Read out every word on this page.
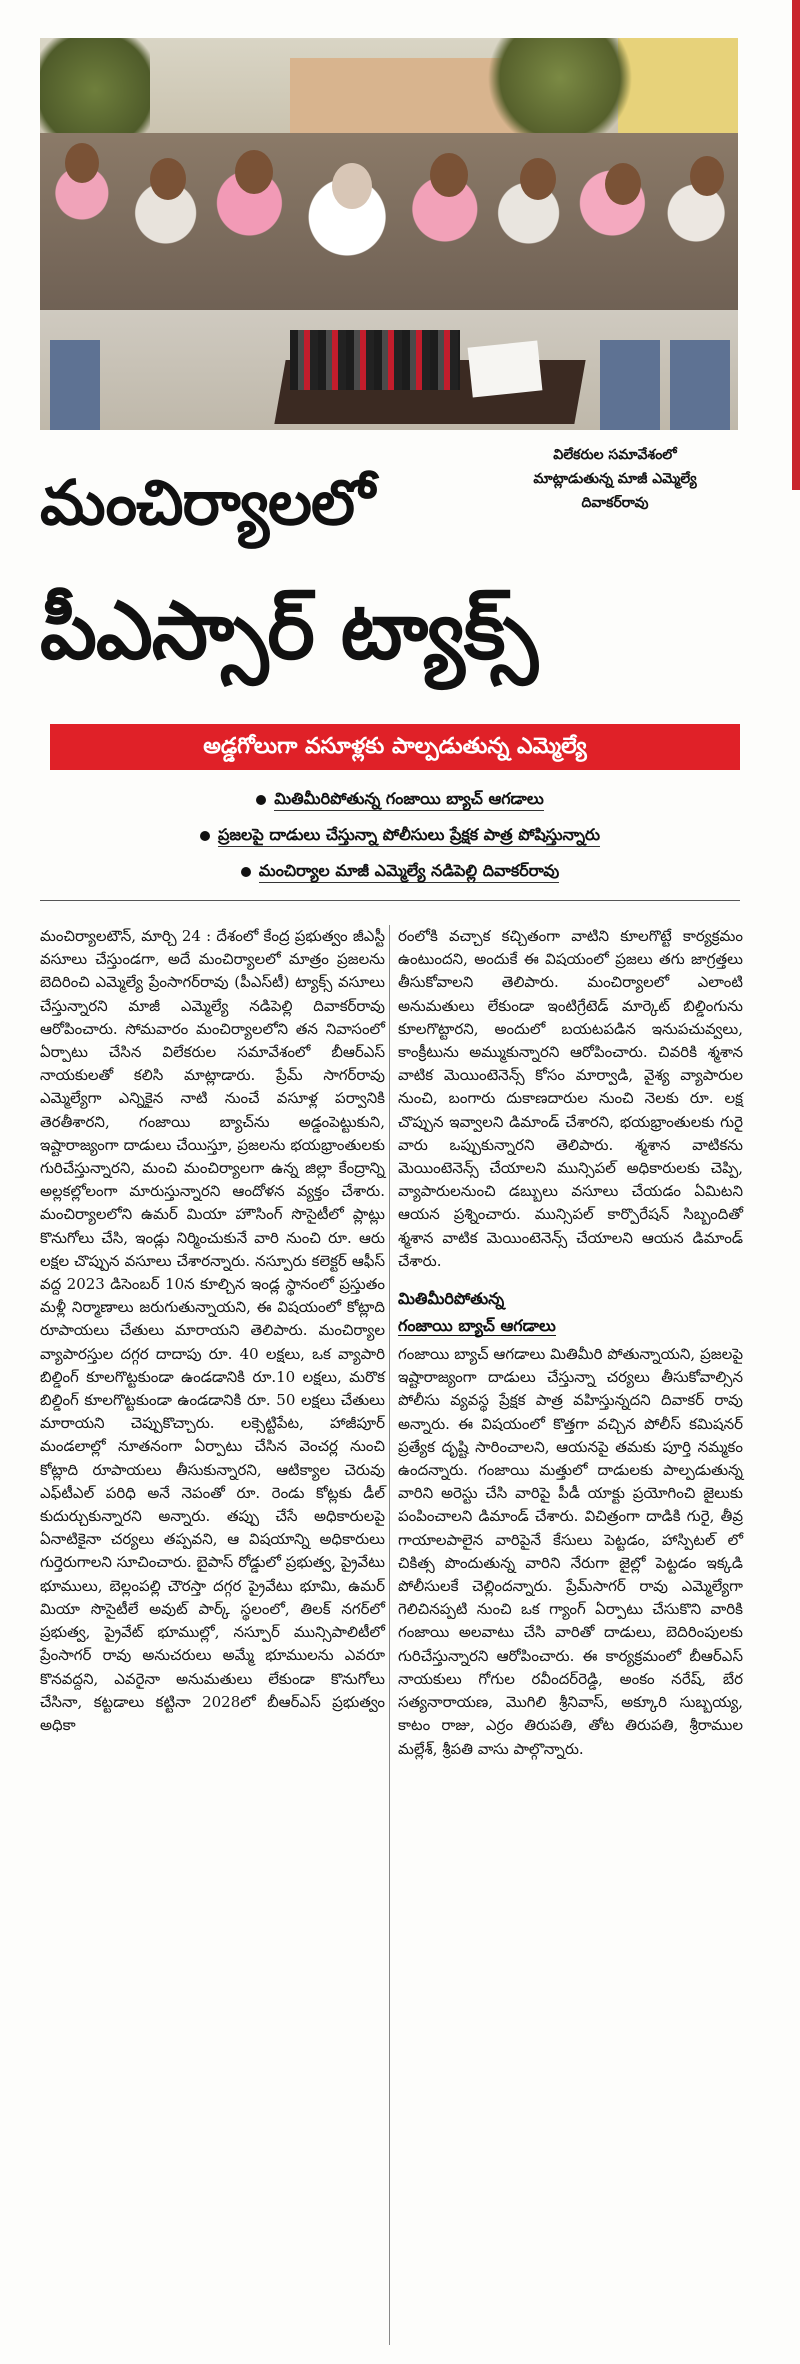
విలేకరుల సమావేశంలో
మాట్లాడుతున్న మాజీ ఎమ్మెల్యే
దివాకర్‌రావు
మంచిర్యాలలో
పీఎస్సార్ ట్యాక్స్
అడ్డగోలుగా వసూళ్లకు పాల్పడుతున్న ఎమ్మెల్యే
మితిమీరిపోతున్న గంజాయి బ్యాచ్ ఆగడాలు
ప్రజలపై దాడులు చేస్తున్నా పోలీసులు ప్రేక్షక పాత్ర పోషిస్తున్నారు
మంచిర్యాల మాజీ ఎమ్మెల్యే నడిపెల్లి దివాకర్‌రావు

మంచిర్యాలటౌన్, మార్చి 24 : దేశంలో కేంద్ర ప్రభుత్వం జీఎస్టీ వసూలు చేస్తుండగా, అదే మంచిర్యాలలో మాత్రం ప్రజలను బెదిరించి ఎమ్మెల్యే ప్రేంసాగర్‌రావు (పీఎస్‌టీ) ట్యాక్స్ వసూలు చేస్తున్నారని మాజీ ఎమ్మెల్యే నడిపెల్లి దివాకర్‌రావు ఆరోపించారు. సోమవారం మంచిర్యాలలోని తన నివాసంలో ఏర్పాటు చేసిన విలేకరుల సమావేశంలో బీఆర్‌ఎస్ నాయకులతో కలిసి మాట్లాడారు. ప్రేమ్ సాగర్‌రావు ఎమ్మెల్యేగా ఎన్నికైన నాటి నుంచే వసూళ్ల పర్వానికి తెరతీశారని, గంజాయి బ్యాచ్‌ను అడ్డంపెట్టుకుని, ఇష్టారాజ్యంగా దాడులు చేయిస్తూ, ప్రజలను భయభ్రాంతులకు గురిచేస్తున్నారని, మంచి మంచిర్యాలగా ఉన్న జిల్లా కేంద్రాన్ని అల్లకల్లోలంగా మారుస్తున్నారని ఆందోళన వ్యక్తం చేశారు. మంచిర్యాలలోని ఉమర్ మియా హౌసింగ్ సొసైటీలో ప్లాట్లు కొనుగోలు చేసి, ఇండ్లు నిర్మించుకునే వారి నుంచి రూ. ఆరు లక్షల చొప్పున వసూలు చేశారన్నారు. నస్పూరు కలెక్టర్ ఆఫీస్ వద్ద 2023 డిసెంబర్ 10న కూల్చిన ఇండ్ల స్థానంలో ప్రస్తుతం మళ్లీ నిర్మాణాలు జరుగుతున్నాయని, ఈ విషయంలో కోట్లాది రూపాయలు చేతులు మారాయని తెలిపారు. మంచిర్యాల వ్యాపారస్తుల దగ్గర దాదాపు రూ. 40 లక్షలు, ఒక వ్యాపారి బిల్డింగ్ కూలగొట్టకుండా ఉండడానికి రూ.10 లక్షలు, మరొక బిల్డింగ్ కూలగొట్టకుండా ఉండడానికి రూ. 50 లక్షలు చేతులు మారాయని చెప్పుకొచ్చారు. లక్సెట్టిపేట, హాజీపూర్ మండలాల్లో నూతనంగా ఏర్పాటు చేసిన వెంచర్ల నుంచి కోట్లాది రూపాయలు తీసుకున్నారని, ఆటిక్యాల చెరువు ఎఫ్‌టీఎల్ పరిధి అనే నెపంతో రూ. రెండు కోట్లకు డీల్ కుదుర్చుకున్నారని అన్నారు. తప్పు చేసే అధికారులపై ఏనాటికైనా చర్యలు తప్పవని, ఆ విషయాన్ని అధికారులు గుర్తెరుగాలని సూచించారు. బైపాస్ రోడ్డులో ప్రభుత్వ, ప్రైవేటు భూములు, బెల్లంపల్లి చౌరస్తా దగ్గర ప్రైవేటు భూమి, ఉమర్ మియా సొసైటీలే అవుట్ పార్క్ స్థలంలో, తిలక్ నగర్‌లో ప్రభుత్వ, ప్రైవేట్ భూముల్లో, నస్పూర్ మున్సిపాలిటీలో ప్రేంసాగర్ రావు అనుచరులు అమ్మే భూములను ఎవరూ కొనవద్దని, ఎవరైనా అనుమతులు లేకుండా కొనుగోలు చేసినా, కట్టడాలు కట్టినా 2028లో బీఆర్‌ఎస్ ప్రభుత్వం అధికా

రంలోకి వచ్చాక కచ్చితంగా వాటిని కూలగొట్టే కార్యక్రమం ఉంటుందని, అందుకే ఈ విషయంలో ప్రజలు తగు జాగ్రత్తలు తీసుకోవాలని తెలిపారు. మంచిర్యాలలో ఎలాంటి అనుమతులు లేకుండా ఇంటిగ్రేటెడ్ మార్కెట్ బిల్డింగును కూలగొట్టారని, అందులో బయటపడిన ఇనుపచువ్వలు, కాంక్రీటును అమ్ముకున్నారని ఆరోపించారు. చివరికి శ్మశాన వాటిక మెయింటెనెన్స్ కోసం మార్వాడి, వైశ్య వ్యాపారుల నుంచి, బంగారు దుకాణదారుల నుంచి నెలకు రూ. లక్ష చొప్పున ఇవ్వాలని డిమాండ్ చేశారని, భయభ్రాంతులకు గురై వారు ఒప్పుకున్నారని తెలిపారు. శ్మశాన వాటికను మెయింటెనెన్స్ చేయాలని మున్సిపల్ అధికారులకు చెప్పి, వ్యాపారులనుంచి డబ్బులు వసూలు చేయడం ఏమిటని ఆయన ప్రశ్నించారు. మున్సిపల్ కార్పొరేషన్ సిబ్బందితో శ్మశాన వాటిక మెయింటెనెన్స్ చేయాలని ఆయన డిమాండ్ చేశారు.

మితిమీరిపోతున్న
గంజాయి బ్యాచ్ ఆగడాలు

గంజాయి బ్యాచ్ ఆగడాలు మితిమీరి పోతున్నాయని, ప్రజలపై ఇష్టారాజ్యంగా దాడులు చేస్తున్నా చర్యలు తీసుకోవాల్సిన పోలీసు వ్యవస్థ ప్రేక్షక పాత్ర వహిస్తున్నదని దివాకర్ రావు అన్నారు. ఈ విషయంలో కొత్తగా వచ్చిన పోలీస్ కమిషనర్ ప్రత్యేక దృష్టి సారించాలని, ఆయనపై తమకు పూర్తి నమ్మకం ఉందన్నారు. గంజాయి మత్తులో దాడులకు పాల్పడుతున్న వారిని అరెస్టు చేసి వారిపై పీడీ యాక్టు ప్రయోగించి జైలుకు పంపించాలని డిమాండ్ చేశారు. విచిత్రంగా దాడికి గురై, తీవ్ర గాయాలపాలైన వారిపైనే కేసులు పెట్టడం, హాస్పిటల్ లో చికిత్స పొందుతున్న వారిని నేరుగా జైల్లో పెట్టడం ఇక్కడి పోలీసులకే చెల్లిందన్నారు. ప్రేమ్‌సాగర్ రావు ఎమ్మెల్యేగా గెలిచినప్పటి నుంచి ఒక గ్యాంగ్ ఏర్పాటు చేసుకొని వారికి గంజాయి అలవాటు చేసి వారితో దాడులు, బెదిరింపులకు గురిచేస్తున్నారని ఆరోపించారు. ఈ కార్యక్రమంలో బీఆర్‌ఎస్ నాయకులు గోగుల రవీందర్‌రెడ్డి, అంకం నరేష్, బేర సత్యనారాయణ, మొగిలి శ్రీనివాస్, అక్కూరి సుబ్బయ్య, కాటం రాజు, ఎర్రం తిరుపతి, తోట తిరుపతి, శ్రీరాముల మల్లేశ్, శ్రీపతి వాసు పాల్గొన్నారు.
